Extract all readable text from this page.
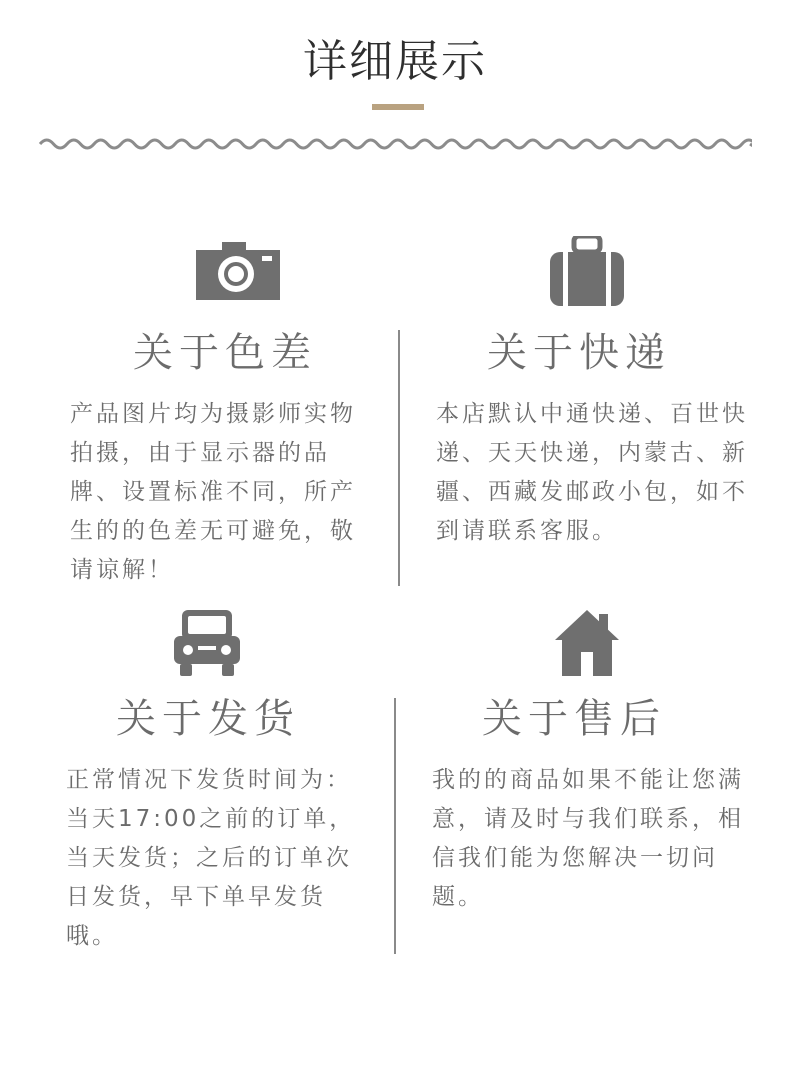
详细展示
关于色差
产品图片均为摄影师实物拍摄，由于显示器的品牌、设置标准不同，所产生的的色差无可避免，敬请谅解！
关于快递
本店默认中通快递、百世快递、天天快递，内蒙古、新疆、西藏发邮政小包，如不到请联系客服。
关于发货
正常情况下发货时间为：当天17:00之前的订单，当天发货；之后的订单次日发货，早下单早发货哦。
关于售后
我的的商品如果不能让您满意，请及时与我们联系，相信我们能为您解决一切问题。
